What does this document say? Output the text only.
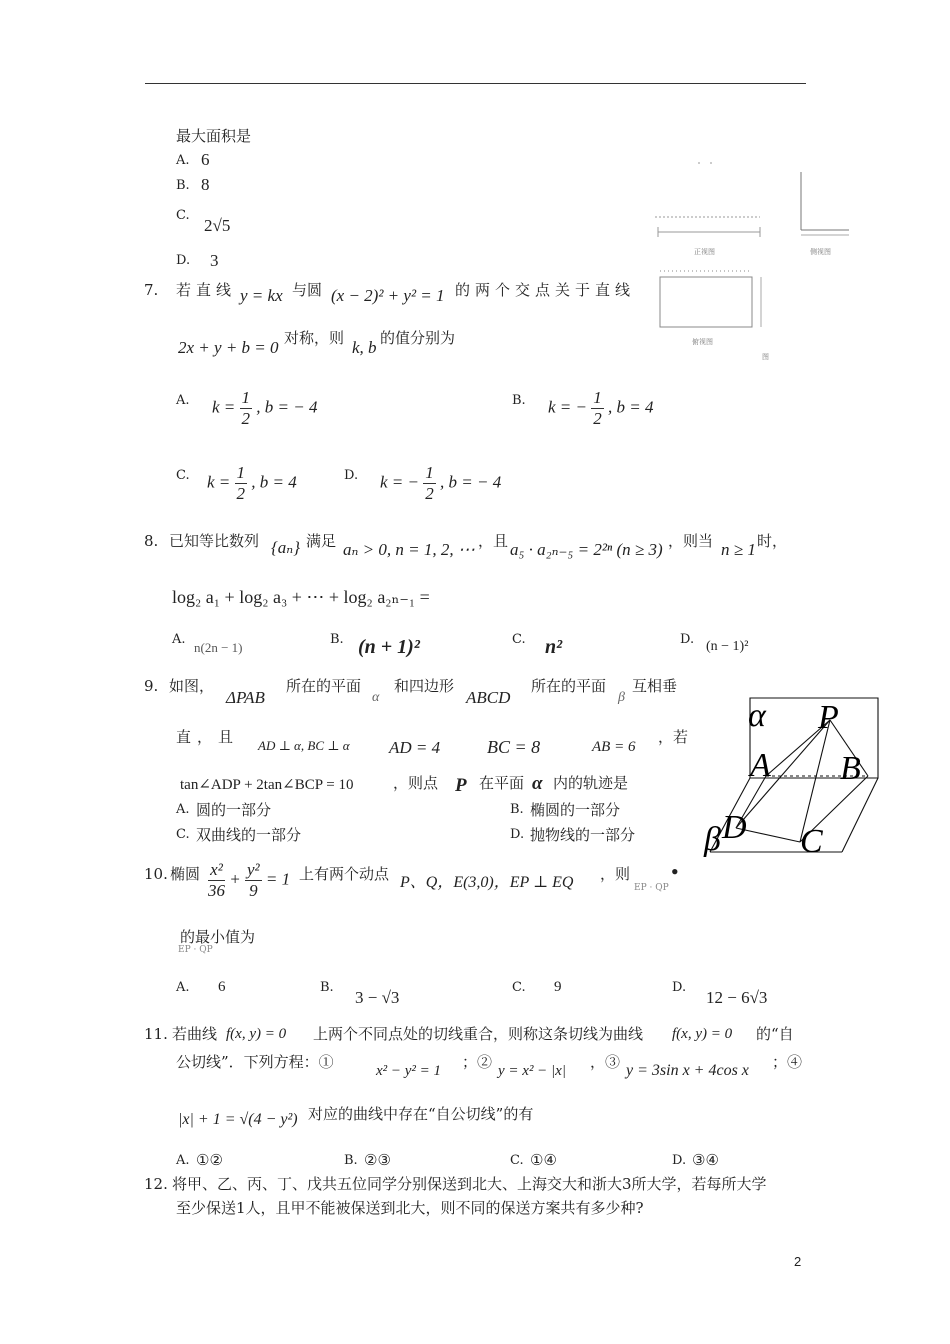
最大面积是
A. 6
B. 8
C.
2√5
D. 3	正视图	侧视图
俯视图
图
7. 若直线 y = kx 与圆 (x − 2)² + y² = 1 的两个交点关于直线
2x + y + b = 0 对称，则 k, b 的值分别为
A. $k = \frac{1}{2}$ , b = − 4	B. k = − $\frac{1}{2}$ , b = 4
C. $k = \frac{1}{2}$ , b = 4	D. k = − $\frac{1}{2}$ , b = − 4
8. 已知等比数列 {aₙ} 满足 aₙ > 0, n = 1, 2, ⋯ ，且 a₅ · a₂ₙ₋₅ = 2²ⁿ (n ≥ 3) ，则当 n ≥ 1 时，
log₂ a₁ + log₂ a₃ + ⋯ + log₂ a₂ₙ₋₁ =
A.
n(2n − 1)
B. (n + 1)²	C. n²	D. (n − 1)²
9. 如图，
ΔPAB
所在的平面
α
和四边形
ABCD
所在的平面
β
互相垂
直，且 AD ⊥ α, BC ⊥ α AD = 4	BC = 8	AB = 6
，若
tan∠ADP + 2tan∠BCP = 10	，则点 P 在平面 α 内的轨迹是
A. 圆的一部分	B. 椭圆的一部分
C. 双曲线的一部分	D. 抛物线的一部分
α P
A B
β D C
10. 椭圆 $\frac{\text{x²}}{36} + \frac{\text{y²}}{9} = 1$ 上有两个动点 P、Q，E(3,0)，EP ⊥ EQ ，则
EP · QP
•
EP · QP
的最小值为
A. 6	B.
3 − √3
C. 9	D.
12 − 6√3
11. 若曲线 f(x, y) = 0 上两个不同点处的切线重合，则称这条切线为曲线 f(x, y) = 0 的“自
公切线”．下列方程：①	x² − y² = 1 ；② y = x² − |x| ，③ y = 3sin x + 4cos x ；④
|x| + 1 = √(4 − y²) 对应的曲线中存在“自公切线”的有
A. ①②	B. ②③	C. ①④	D. ③④
12. 将甲、乙、丙、丁、戊共五位同学分别保送到北大、上海交大和浙大3所大学，若每所大学
至少保送1人，且甲不能被保送到北大，则不同的保送方案共有多少种?
2
